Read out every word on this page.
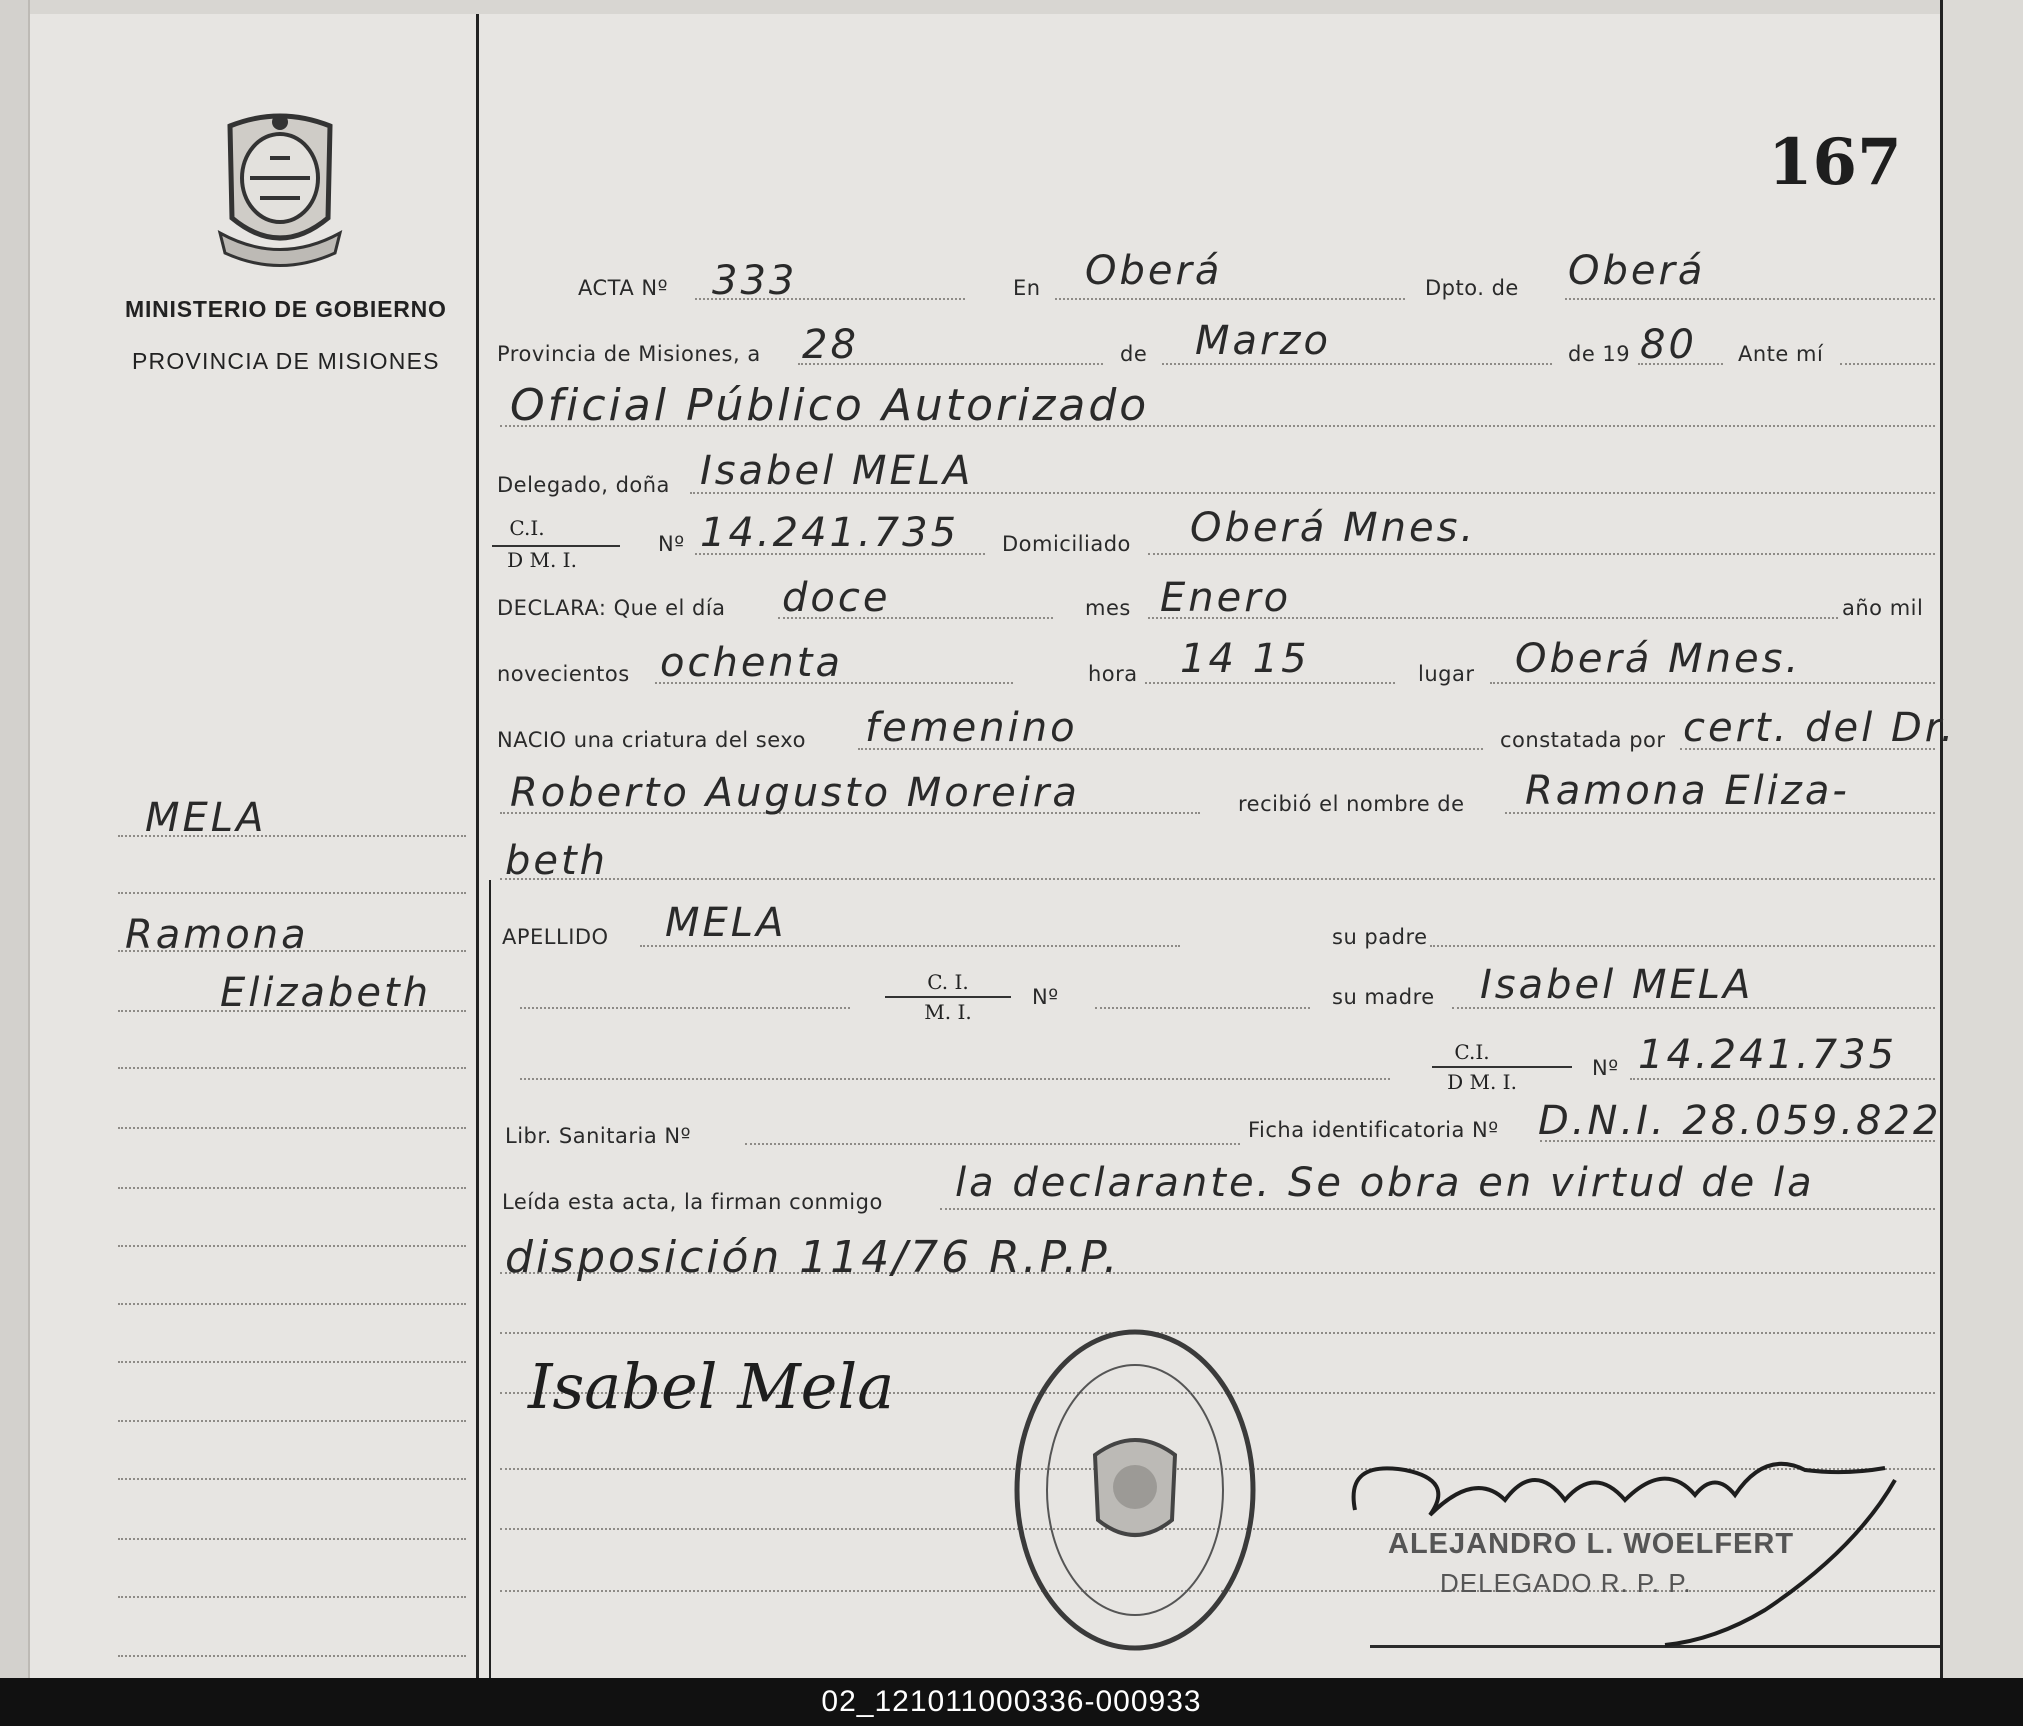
MINISTERIO DE GOBIERNO
PROVINCIA DE MISIONES
167
MELA
Ramona
Elizabeth
ACTA Nº 333	En Oberá	Dpto. de Oberá
Provincia de Misiones, a 28	de Marzo	de 19 80 Ante mí
Oficial Público Autorizado
Delegado, doña Isabel MELA
C.I.
D M. I.
Nº 14.241.735 Domiciliado Oberá Mnes.
DECLARA: Que el día doce	mes Enero	año mil
novecientos ochenta	hora 14 15	lugar Oberá Mnes.
NACIO una criatura del sexo femenino	constatada por cert. del Dr.
Roberto Augusto Moreira	recibió el nombre de Ramona Eliza-
beth
APELLIDO MELA	su padre
C. I.
M. I.
Nº	su madre Isabel MELA
C.I.
D M. I.
Nº 14.241.735
Libr. Sanitaria Nº	Ficha identificatoria Nº D.N.I. 28.059.822
Leída esta acta, la firman conmigo la declarante. Se obra en virtud de la
disposición 114/76 R.P.P.
Isabel Mela
ALEJANDRO L. WOELFERT
DELEGADO R. P. P.
02_121011000336-000933
